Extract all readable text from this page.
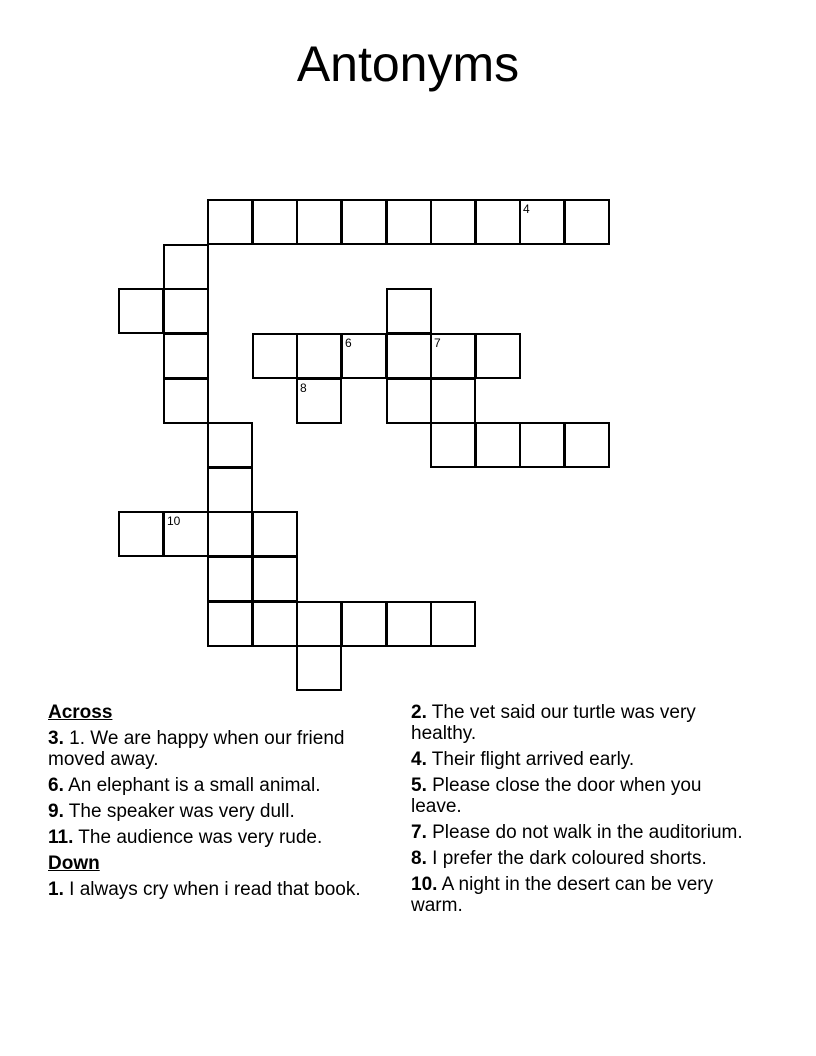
Antonyms
4
6	7
10
8
Across
3. 1. We are happy when our friend moved away.
6. An elephant is a small animal.
9. The speaker was very dull.
11. The audience was very rude.
Down
1. I always cry when i read that book.
2. The vet said our turtle was very healthy.
4. Their flight arrived early.
5. Please close the door when you leave.
7. Please do not walk in the auditorium.
8. I prefer the dark coloured shorts.
10. A night in the desert can be very warm.
